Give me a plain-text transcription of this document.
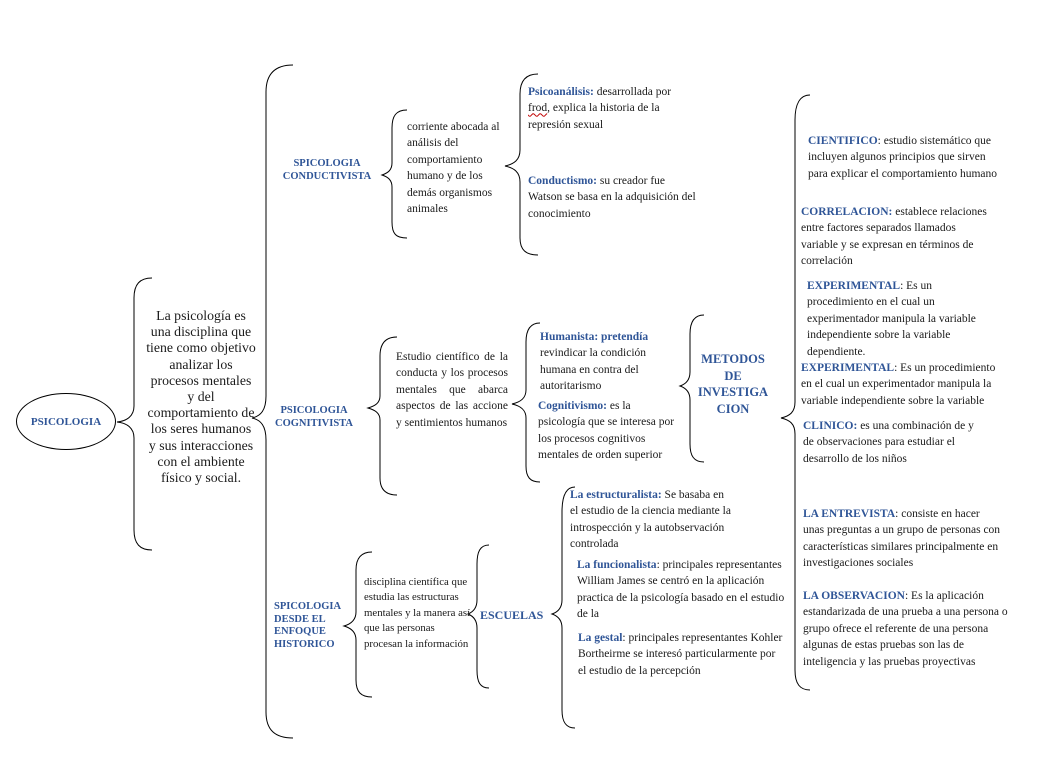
PSICOLOGIA
La psicología es una disciplina que tiene como objetivo analizar los procesos mentales y del comportamiento de los seres humanos y sus interacciones con el ambiente físico y social.
SPICOLOGIA CONDUCTIVISTA
corriente abocada al análisis del comportamiento humano y de los demás organismos animales
Psicoanálisis: desarrollada por frod, explica la historia de la represión sexual
Conductismo: su creador fue Watson se basa en la adquisición del conocimiento
PSICOLOGIA COGNITIVISTA
Estudio científico de la conducta y los procesos mentales que abarca aspectos de las accione y sentimientos humanos
Humanista: pretendía revindicar la condición humana en contra del autoritarismo
Cognitivismo: es la psicología que se interesa por los procesos cognitivos mentales de orden superior
METODOS
DE
INVESTIGA
CION
CIENTIFICO: estudio sistemático que incluyen algunos principios que sirven para explicar el comportamiento humano
CORRELACION: establece relaciones entre factores separados llamados variable y se expresan en términos de correlación
EXPERIMENTAL: Es un procedimiento en el cual un experimentador manipula la variable independiente sobre la variable dependiente.
EXPERIMENTAL: Es un procedimiento en el cual un experimentador manipula la variable independiente sobre la variable
CLINICO: es una combinación de y de observaciones para estudiar el desarrollo de los niños
LA ENTREVISTA: consiste en hacer unas preguntas a un grupo de personas con características similares principalmente en investigaciones sociales
LA OBSERVACION: Es la aplicación estandarizada de una prueba a una persona o grupo ofrece el referente de una persona algunas de estas pruebas son las de inteligencia y las pruebas proyectivas
SPICOLOGIA DESDE EL ENFOQUE HISTORICO
disciplina científica que estudia las estructuras mentales y la manera así que las personas procesan la información
ESCUELAS
La estructuralista: Se basaba en el estudio de la ciencia mediante la introspección y la autobservación controlada
La funcionalista: principales representantes William James se centró en la aplicación practica de la psicología basado en el estudio de la
La gestal: principales representantes Kohler Bortheirme se interesó particularmente por el estudio de la percepción
